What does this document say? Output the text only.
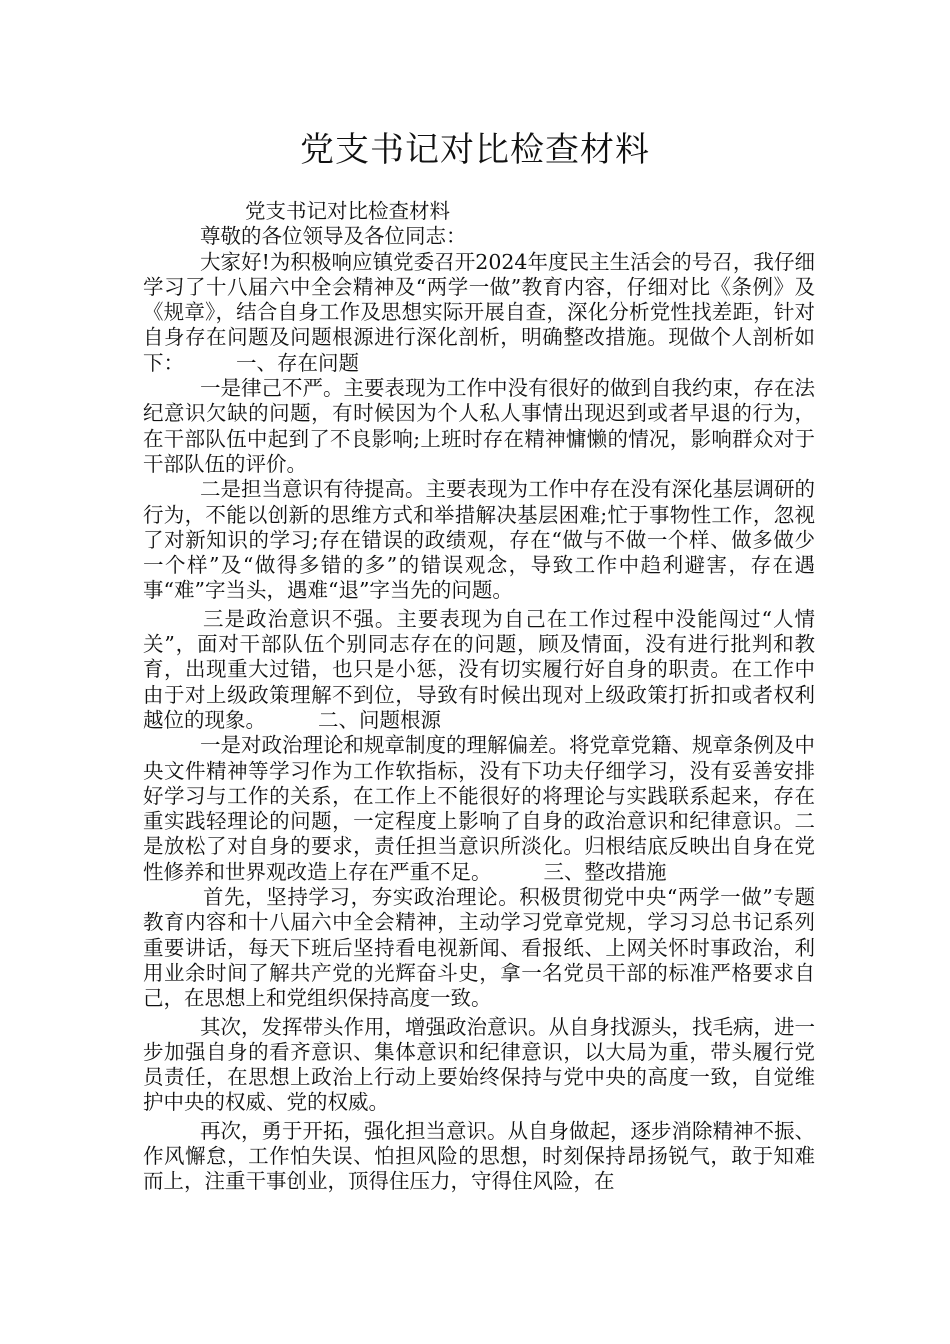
党支书记对比检查材料

党支书记对比检查材料

尊敬的各位领导及各位同志：

大家好!为积极响应镇党委召开2024年度民主生活会的号召，我仔细学习了十八届六中全会精神及“两学一做”教育内容，仔细对比《条例》及《规章》，结合自身工作及思想实际开展自查，深化分析党性找差距，针对自身存在问题及问题根源进行深化剖析，明确整改措施。现做个人剖析如下：	一、存在问题

一是律己不严。主要表现为工作中没有很好的做到自我约束，存在法纪意识欠缺的问题，有时候因为个人私人事情出现迟到或者早退的行为，在干部队伍中起到了不良影响;上班时存在精神慵懒的情况，影响群众对于干部队伍的评价。

二是担当意识有待提高。主要表现为工作中存在没有深化基层调研的行为，不能以创新的思维方式和举措解决基层困难;忙于事物性工作，忽视了对新知识的学习;存在错误的政绩观，存在“做与不做一个样、做多做少一个样”及“做得多错的多”的错误观念，导致工作中趋利避害，存在遇事“难”字当头，遇难“退”字当先的问题。

三是政治意识不强。主要表现为自己在工作过程中没能闯过“人情关”，面对干部队伍个别同志存在的问题，顾及情面，没有进行批判和教育，出现重大过错，也只是小惩，没有切实履行好自身的职责。在工作中由于对上级政策理解不到位，导致有时候出现对上级政策打折扣或者权利越位的现象。	二、问题根源

一是对政治理论和规章制度的理解偏差。将党章党籍、规章条例及中央文件精神等学习作为工作软指标，没有下功夫仔细学习，没有妥善安排好学习与工作的关系，在工作上不能很好的将理论与实践联系起来，存在重实践轻理论的问题，一定程度上影响了自身的政治意识和纪律意识。二是放松了对自身的要求，责任担当意识所淡化。归根结底反映出自身在党性修养和世界观改造上存在严重不足。	三、整改措施

首先，坚持学习，夯实政治理论。积极贯彻党中央“两学一做”专题教育内容和十八届六中全会精神，主动学习党章党规，学习习总书记系列重要讲话，每天下班后坚持看电视新闻、看报纸、上网关怀时事政治，利用业余时间了解共产党的光辉奋斗史，拿一名党员干部的标准严格要求自己，在思想上和党组织保持高度一致。

其次，发挥带头作用，增强政治意识。从自身找源头，找毛病，进一步加强自身的看齐意识、集体意识和纪律意识，以大局为重，带头履行党员责任，在思想上政治上行动上要始终保持与党中央的高度一致，自觉维护中央的权威、党的权威。

再次，勇于开拓，强化担当意识。从自身做起，逐步消除精神不振、作风懈怠，工作怕失误、怕担风险的思想，时刻保持昂扬锐气，敢于知难而上，注重干事创业，顶得住压力，守得住风险，在
